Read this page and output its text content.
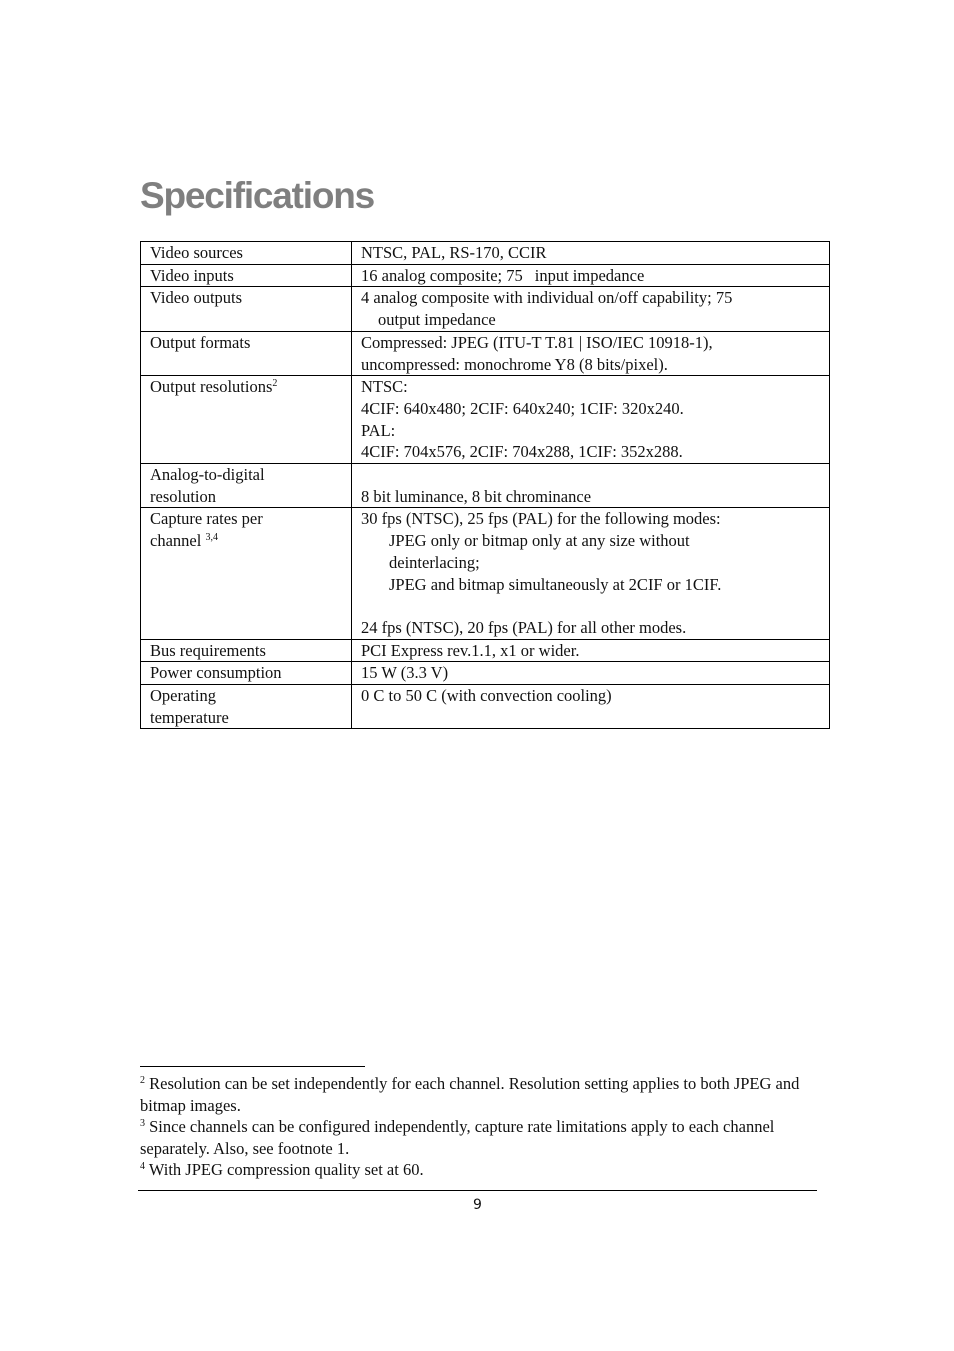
Specifications
Video sources	NTSC, PAL, RS-170, CCIR

Video inputs	16 analog composite; 75 input impedance

Video outputs	4 analog composite with individual on/off capability; 75
output impedance

Output formats	Compressed: JPEG (ITU-T T.81 | ISO/IEC 10918-1),
uncompressed: monochrome Y8 (8 bits/pixel).

Output resolutions$^2$	NTSC:
4CIF: 640x480; 2CIF: 640x240; 1CIF: 320x240.
PAL:
4CIF: 704x576, 2CIF: 704x288, 1CIF: 352x288.

Analog-to-digital
resolution	8 bit luminance, 8 bit chrominance

Capture rates per
channel $^{3,4}$	30 fps (NTSC), 25 fps (PAL) for the following modes:
JPEG only or bitmap only at any size without
deinterlacing;
JPEG and bitmap simultaneously at 2CIF or 1CIF.
24 fps (NTSC), 20 fps (PAL) for all other modes.

Bus requirements	PCI Express rev.1.1, x1 or wider.

Power consumption	15 W (3.3 V)

Operating
temperature	0 C to 50 C (with convection cooling)

$^2$ Resolution can be set independently for each channel. Resolution setting applies to both JPEG and bitmap images.

$^3$ Since channels can be configured independently, capture rate limitations apply to each channel separately. Also, see footnote 1.

$^4$ With JPEG compression quality set at 60.

9
